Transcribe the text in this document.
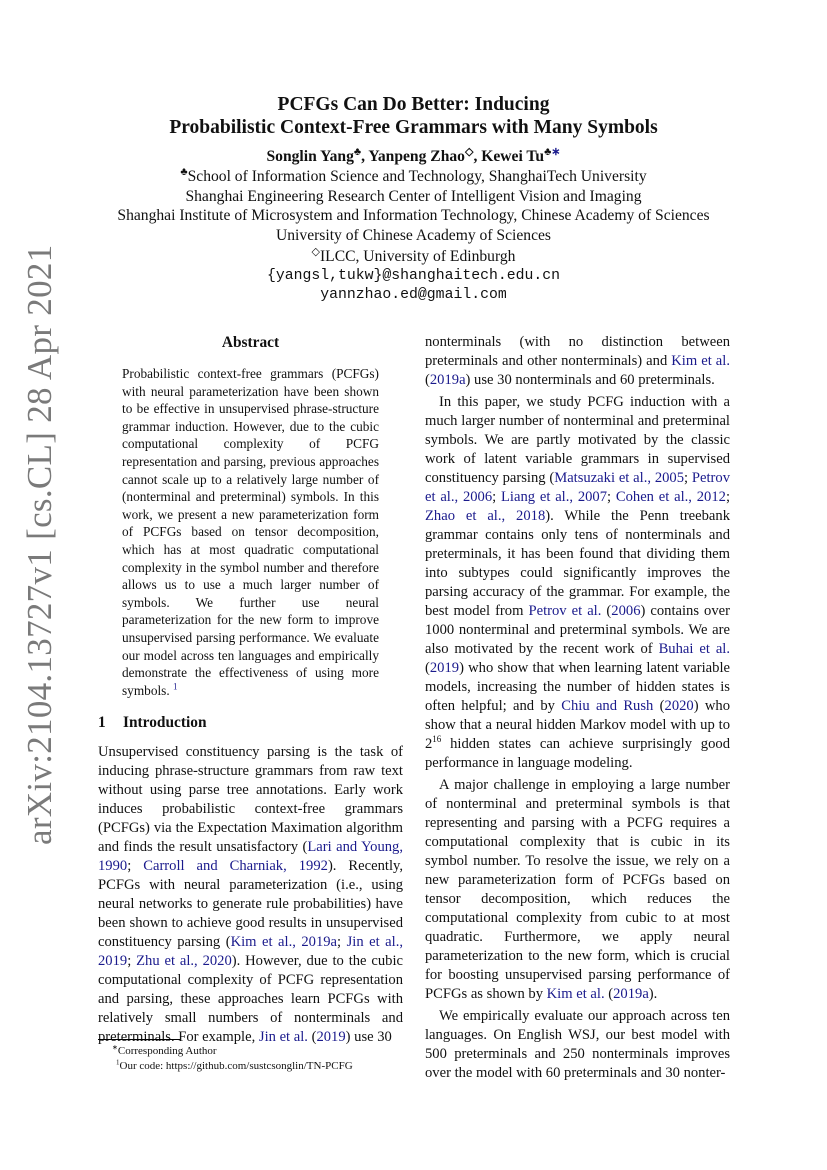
arXiv:2104.13727v1 [cs.CL] 28 Apr 2021
PCFGs Can Do Better: Inducing
Probabilistic Context-Free Grammars with Many Symbols
Songlin Yang♣, Yanpeng Zhao◇, Kewei Tu♣∗
♣School of Information Science and Technology, ShanghaiTech University
Shanghai Engineering Research Center of Intelligent Vision and Imaging
Shanghai Institute of Microsystem and Information Technology, Chinese Academy of Sciences
University of Chinese Academy of Sciences
◇ILCC, University of Edinburgh
{yangsl,tukw}@shanghaitech.edu.cn
yannzhao.ed@gmail.com
Abstract
Probabilistic context-free grammars (PCFGs) with neural parameterization have been shown to be effective in unsupervised phrase-structure grammar induction. However, due to the cubic computational complexity of PCFG representation and parsing, previous approaches cannot scale up to a relatively large number of (nonterminal and preterminal) symbols. In this work, we present a new parameterization form of PCFGs based on tensor decomposition, which has at most quadratic computational complexity in the symbol number and therefore allows us to use a much larger number of symbols. We further use neural parameterization for the new form to improve unsupervised parsing performance. We evaluate our model across ten languages and empirically demonstrate the effectiveness of using more symbols. $^1$
1 Introduction

Unsupervised constituency parsing is the task of inducing phrase-structure grammars from raw text without using parse tree annotations. Early work induces probabilistic context-free grammars (PCFGs) via the Expectation Maximation algorithm and finds the result unsatisfactory (Lari and Young, 1990; Carroll and Charniak, 1992). Recently, PCFGs with neural parameterization (i.e., using neural networks to generate rule probabilities) have been shown to achieve good results in unsupervised constituency parsing (Kim et al., 2019a; Jin et al., 2019; Zhu et al., 2020). However, due to the cubic computational complexity of PCFG representation and parsing, these approaches learn PCFGs with relatively small numbers of nonterminals and preterminals. For example, Jin et al. (2019) use 30

nonterminals (with no distinction between preterminals and other nonterminals) and Kim et al. (2019a) use 30 nonterminals and 60 preterminals.

In this paper, we study PCFG induction with a much larger number of nonterminal and preterminal symbols. We are partly motivated by the classic work of latent variable grammars in supervised constituency parsing (Matsuzaki et al., 2005; Petrov et al., 2006; Liang et al., 2007; Cohen et al., 2012; Zhao et al., 2018). While the Penn treebank grammar contains only tens of nonterminals and preterminals, it has been found that dividing them into subtypes could significantly improves the parsing accuracy of the grammar. For example, the best model from Petrov et al. (2006) contains over 1000 nonterminal and preterminal symbols. We are also motivated by the recent work of Buhai et al. (2019) who show that when learning latent variable models, increasing the number of hidden states is often helpful; and by Chiu and Rush (2020) who show that a neural hidden Markov model with up to $2^{16}$ hidden states can achieve surprisingly good performance in language modeling.

A major challenge in employing a large number of nonterminal and preterminal symbols is that representing and parsing with a PCFG requires a computational complexity that is cubic in its symbol number. To resolve the issue, we rely on a new parameterization form of PCFGs based on tensor decomposition, which reduces the computational complexity from cubic to at most quadratic. Furthermore, we apply neural parameterization to the new form, which is crucial for boosting unsupervised parsing performance of PCFGs as shown by Kim et al. (2019a).

We empirically evaluate our approach across ten languages. On English WSJ, our best model with 500 preterminals and 250 nonterminals improves over the model with 60 preterminals and 30 nonter-

∗Corresponding Author
$^1$Our code: https://github.com/sustcsonglin/TN-PCFG
